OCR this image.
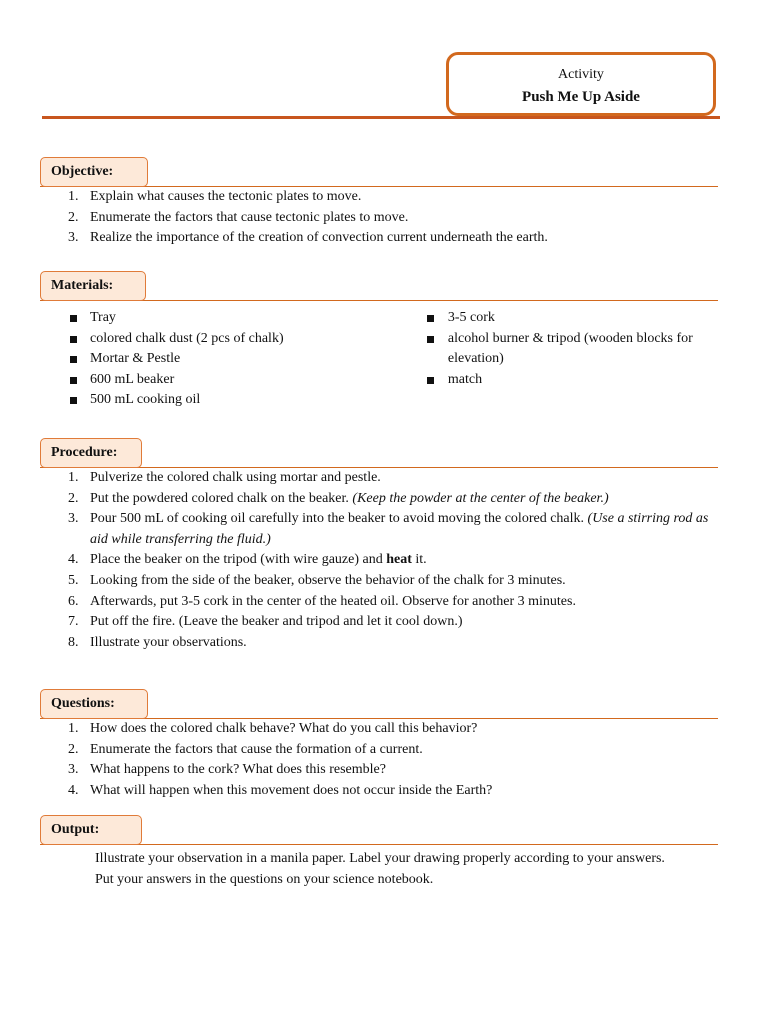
Activity
Push Me Up Aside
Objective:
Explain what causes the tectonic plates to move.
Enumerate the factors that cause tectonic plates to move.
Realize the importance of the creation of convection current underneath the earth.
Materials:
Tray
colored chalk dust (2 pcs of chalk)
Mortar & Pestle
600 mL beaker
500 mL cooking oil
3-5 cork
alcohol burner & tripod (wooden blocks for elevation)
match
Procedure:
Pulverize the colored chalk using mortar and pestle.
Put the powdered colored chalk on the beaker. (Keep the powder at the center of the beaker.)
Pour 500 mL of cooking oil carefully into the beaker to avoid moving the colored chalk. (Use a stirring rod as aid while transferring the fluid.)
Place the beaker on the tripod (with wire gauze) and heat it.
Looking from the side of the beaker, observe the behavior of the chalk for 3 minutes.
Afterwards, put 3-5 cork in the center of the heated oil. Observe for another 3 minutes.
Put off the fire. (Leave the beaker and tripod and let it cool down.)
Illustrate your observations.
Questions:
How does the colored chalk behave? What do you call this behavior?
Enumerate the factors that cause the formation of a current.
What happens to the cork? What does this resemble?
What will happen when this movement does not occur inside the Earth?
Output:

Illustrate your observation in a manila paper. Label your drawing properly according to your answers.

Put your answers in the questions on your science notebook.
